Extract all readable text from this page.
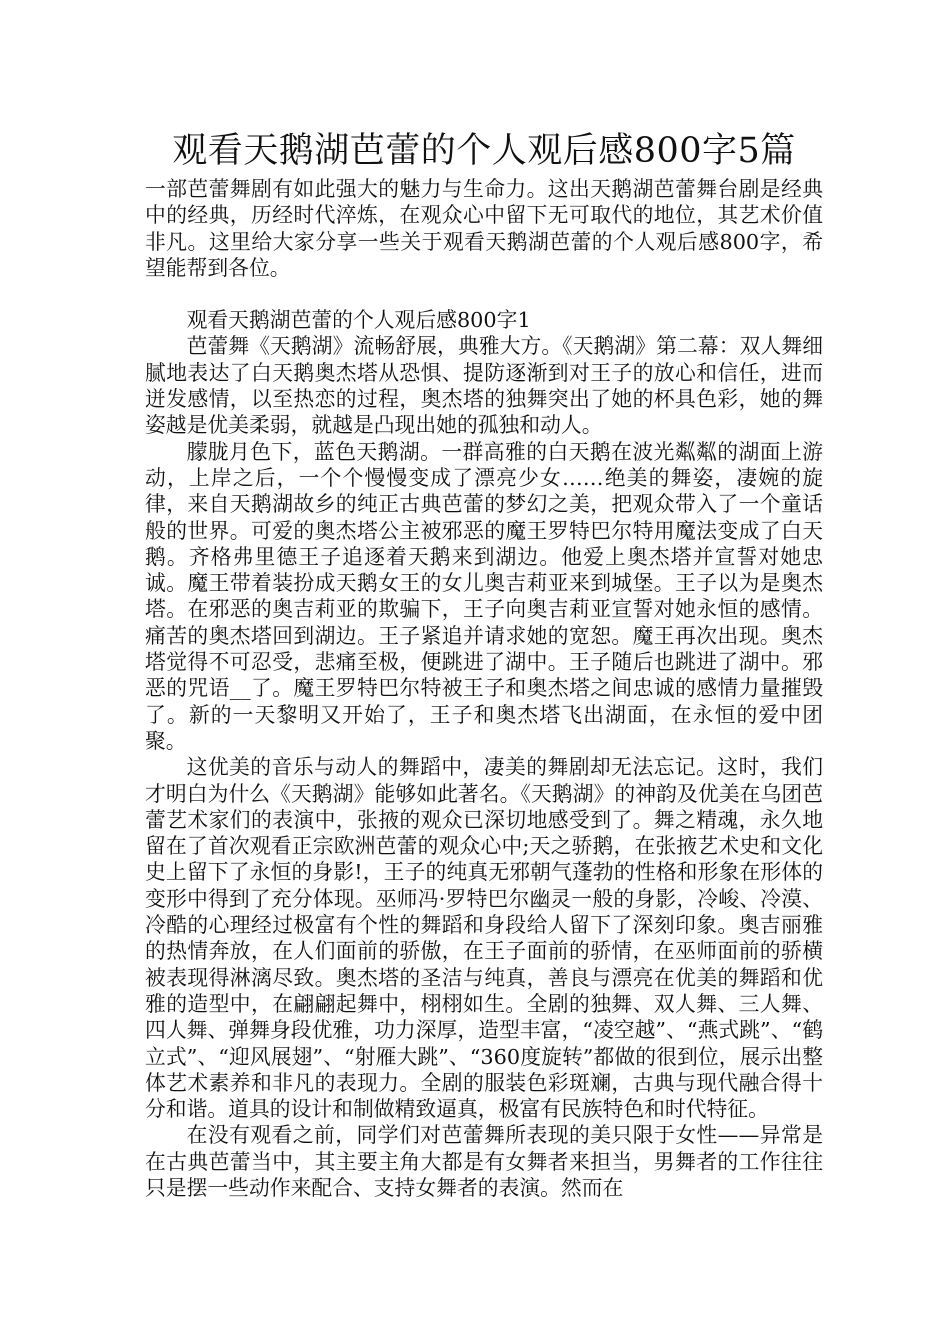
观看天鹅湖芭蕾的个人观后感800字5篇

一部芭蕾舞剧有如此强大的魅力与生命力。这出天鹅湖芭蕾舞台剧是经典中的经典，历经时代淬炼，在观众心中留下无可取代的地位，其艺术价值非凡。这里给大家分享一些关于观看天鹅湖芭蕾的个人观后感800字，希望能帮到各位。

观看天鹅湖芭蕾的个人观后感800字1

芭蕾舞《天鹅湖》流畅舒展，典雅大方。《天鹅湖》第二幕：双人舞细腻地表达了白天鹅奥杰塔从恐惧、提防逐渐到对王子的放心和信任，进而迸发感情，以至热恋的过程，奥杰塔的独舞突出了她的杯具色彩，她的舞姿越是优美柔弱，就越是凸现出她的孤独和动人。

朦胧月色下，蓝色天鹅湖。一群高雅的白天鹅在波光粼粼的湖面上游动，上岸之后，一个个慢慢变成了漂亮少女……绝美的舞姿，凄婉的旋律，来自天鹅湖故乡的纯正古典芭蕾的梦幻之美，把观众带入了一个童话般的世界。可爱的奥杰塔公主被邪恶的魔王罗特巴尔特用魔法变成了白天鹅。齐格弗里德王子追逐着天鹅来到湖边。他爱上奥杰塔并宣誓对她忠诚。魔王带着装扮成天鹅女王的女儿奥吉莉亚来到城堡。王子以为是奥杰塔。在邪恶的奥吉莉亚的欺骗下，王子向奥吉莉亚宣誓对她永恒的感情。痛苦的奥杰塔回到湖边。王子紧追并请求她的宽恕。魔王再次出现。奥杰塔觉得不可忍受，悲痛至极，便跳进了湖中。王子随后也跳进了湖中。邪恶的咒语__了。魔王罗特巴尔特被王子和奥杰塔之间忠诚的感情力量摧毁了。新的一天黎明又开始了，王子和奥杰塔飞出湖面，在永恒的爱中团聚。

这优美的音乐与动人的舞蹈中，凄美的舞剧却无法忘记。这时，我们才明白为什么《天鹅湖》能够如此著名。《天鹅湖》的神韵及优美在乌团芭蕾艺术家们的表演中，张掖的观众已深切地感受到了。舞之精魂，永久地留在了首次观看正宗欧洲芭蕾的观众心中;天之骄鹅，在张掖艺术史和文化史上留下了永恒的身影!，王子的纯真无邪朝气蓬勃的性格和形象在形体的变形中得到了充分体现。巫师冯·罗特巴尔幽灵一般的身影，冷峻、冷漠、冷酷的心理经过极富有个性的舞蹈和身段给人留下了深刻印象。奥吉丽雅的热情奔放，在人们面前的骄傲，在王子面前的骄情，在巫师面前的骄横被表现得淋漓尽致。奥杰塔的圣洁与纯真，善良与漂亮在优美的舞蹈和优雅的造型中，在翩翩起舞中，栩栩如生。全剧的独舞、双人舞、三人舞、四人舞、弹舞身段优雅，功力深厚，造型丰富，“凌空越”、“燕式跳”、“鹤立式”、“迎风展翅”、“射雁大跳”、“360度旋转”都做的很到位，展示出整体艺术素养和非凡的表现力。全剧的服装色彩斑斓，古典与现代融合得十分和谐。道具的设计和制做精致逼真，极富有民族特色和时代特征。

在没有观看之前，同学们对芭蕾舞所表现的美只限于女性——异常是在古典芭蕾当中，其主要主角大都是有女舞者来担当，男舞者的工作往往只是摆一些动作来配合、支持女舞者的表演。然而在
